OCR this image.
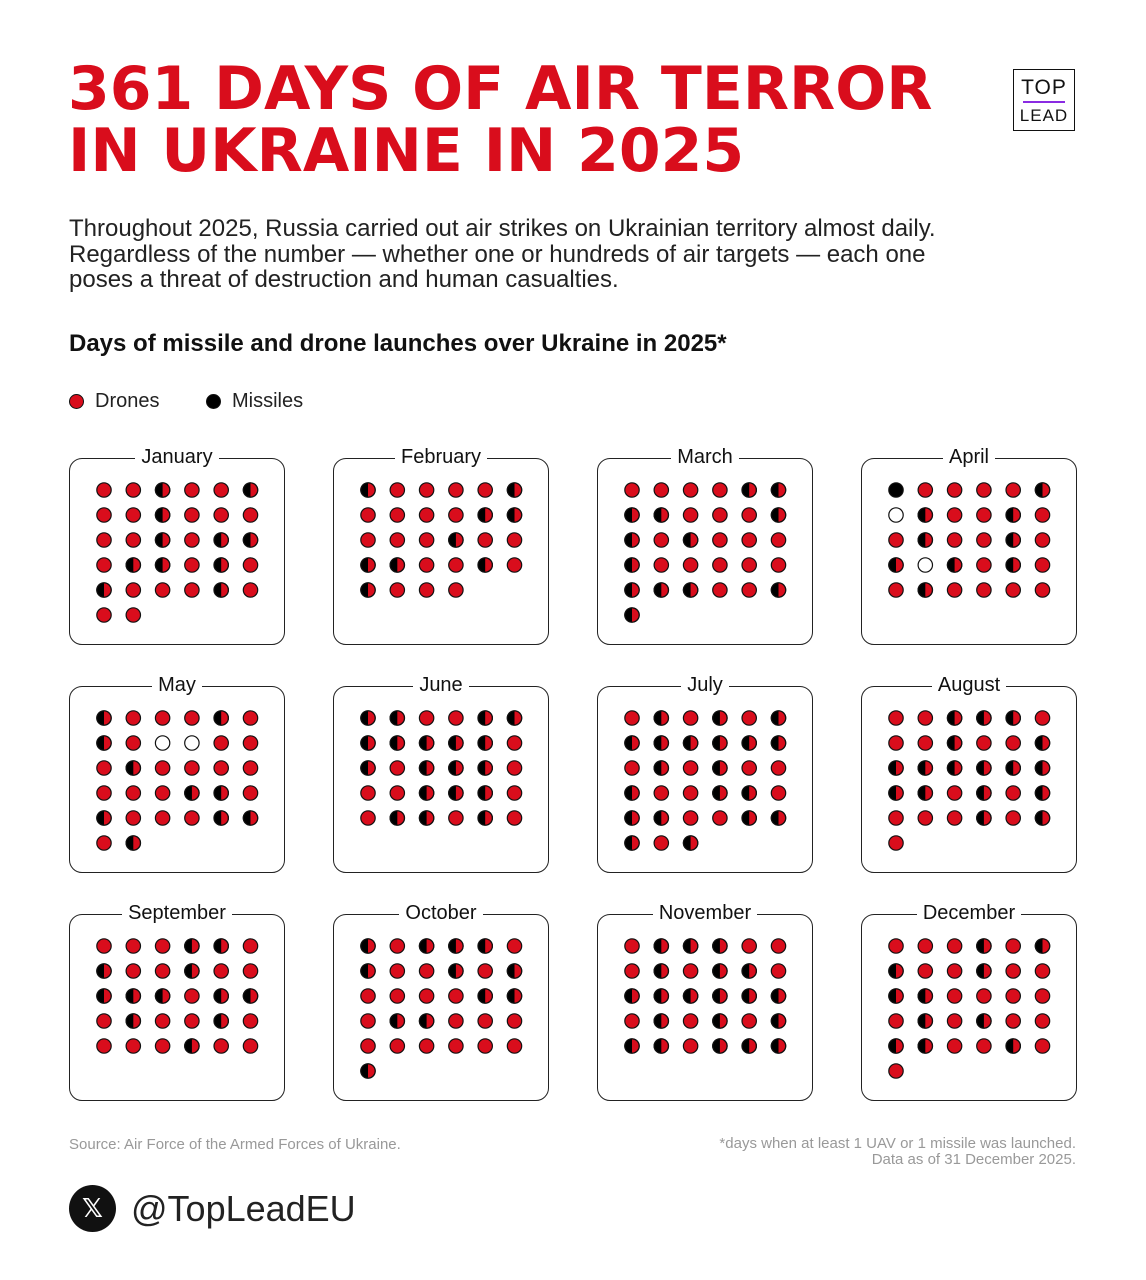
361 DAYS OF AIR TERROR
IN UKRAINE IN 2025
TOP
LEAD
Throughout 2025, Russia carried out air strikes on Ukrainian territory almost daily.
Regardless of the number — whether one or hundreds of air targets — each one
poses a threat of destruction and human casualties.
Days of missile and drone launches over Ukraine in 2025*
Drones	Missiles
January	February	March	April
May	June	July	August
September	October	November	December
Source: Air Force of the Armed Forces of Ukraine.	*days when at least 1 UAV or 1 missile was launched.
Data as of 31 December 2025.
𝕏 @TopLeadEU
